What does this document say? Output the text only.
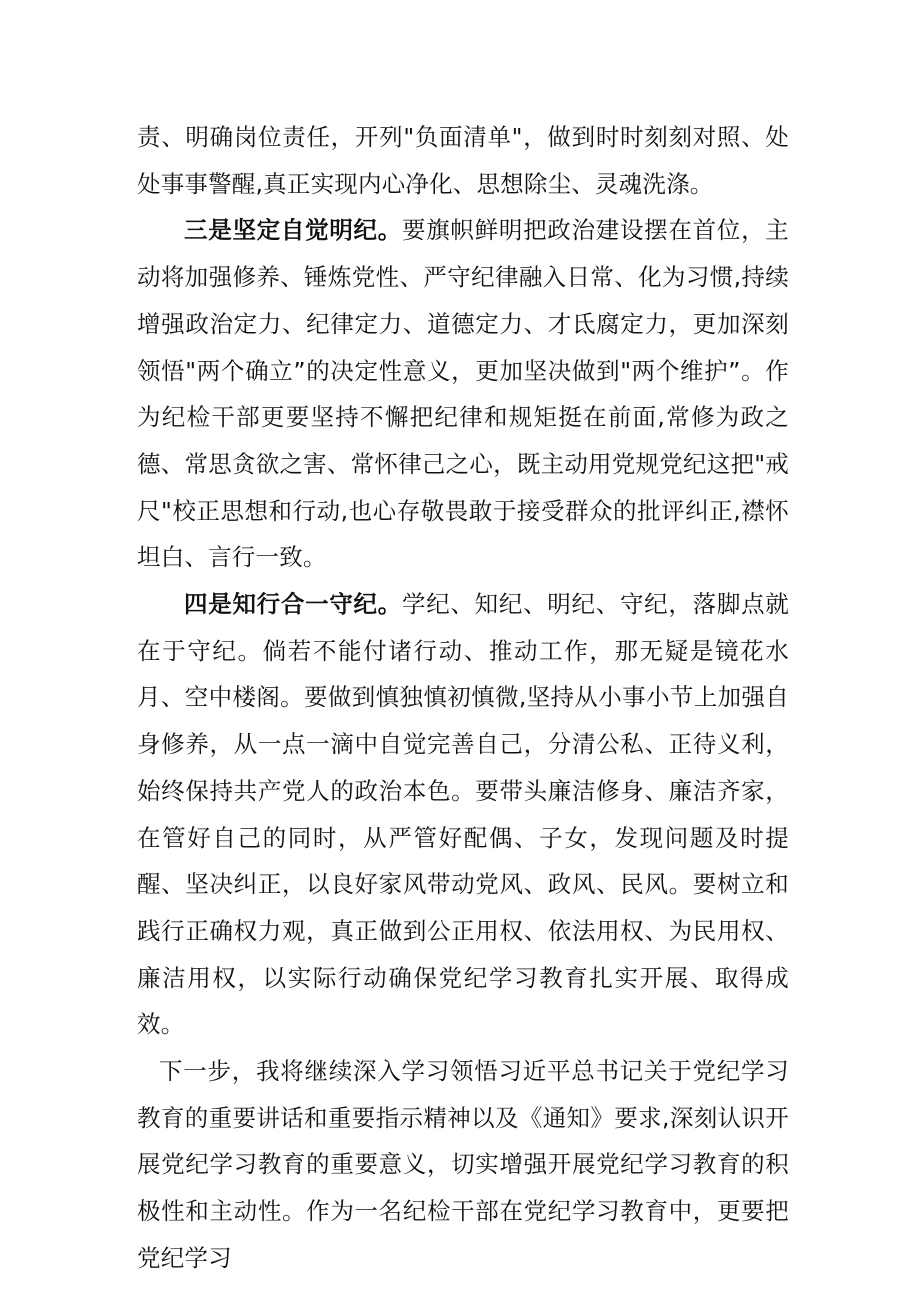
责、明确岗位责任，开列"负面清单"，做到时时刻刻对照、处处事事警醒,真正实现内心净化、思想除尘、灵魂洗涤。

三是坚定自觉明纪。要旗帜鲜明把政治建设摆在首位，主动将加强修养、锤炼党性、严守纪律融入日常、化为习惯,持续增强政治定力、纪律定力、道德定力、才氐腐定力，更加深刻领悟"两个确立”的决定性意义，更加坚决做到"两个维护”。作为纪检干部更要坚持不懈把纪律和规矩挺在前面,常修为政之德、常思贪欲之害、常怀律己之心，既主动用党规党纪这把"戒尺"校正思想和行动,也心存敬畏敢于接受群众的批评纠正,襟怀坦白、言行一致。

四是知行合一守纪。学纪、知纪、明纪、守纪，落脚点就在于守纪。倘若不能付诸行动、推动工作，那无疑是镜花水月、空中楼阁。要做到慎独慎初慎微,坚持从小事小节上加强自身修养，从一点一滴中自觉完善自己，分清公私、正待义利，始终保持共产党人的政治本色。要带头廉洁修身、廉洁齐家，在管好自己的同时，从严管好配偶、子女，发现问题及时提醒、坚决纠正，以良好家风带动党风、政风、民风。要树立和践行正确权力观，真正做到公正用权、依法用权、为民用权、廉洁用权，以实际行动确保党纪学习教育扎实开展、取得成效。

下一步，我将继续深入学习领悟习近平总书记关于党纪学习教育的重要讲话和重要指示精神以及《通知》要求,深刻认识开展党纪学习教育的重要意义，切实增强开展党纪学习教育的积极性和主动性。作为一名纪检干部在党纪学习教育中，更要把党纪学习
